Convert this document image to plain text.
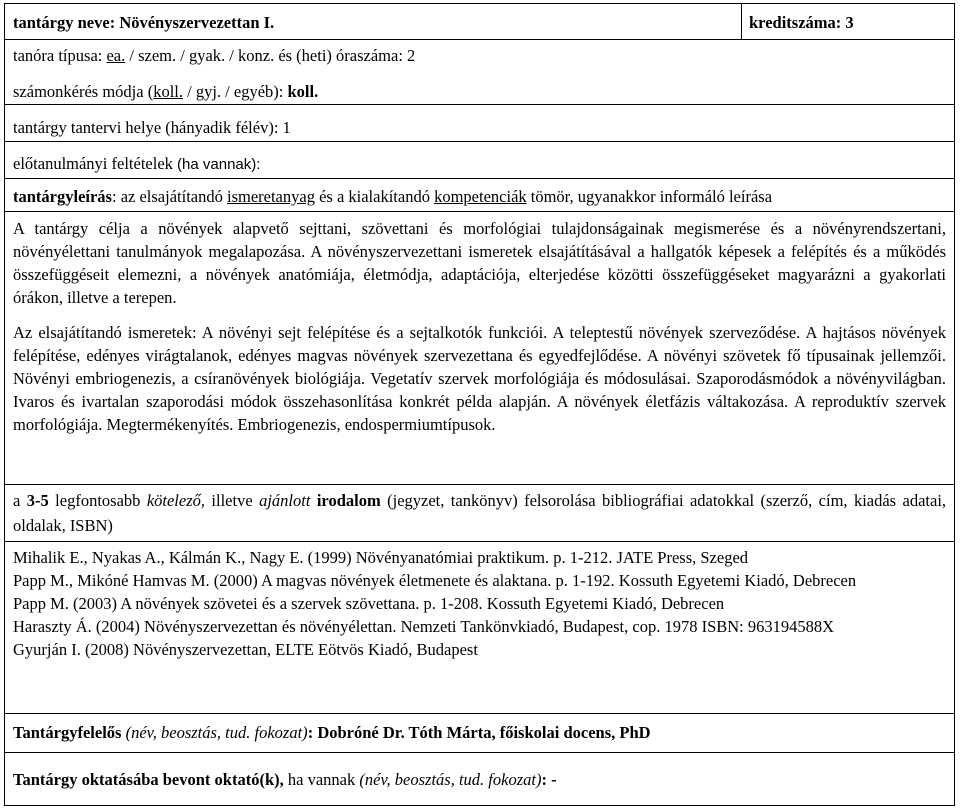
tantárgy neve: Növényszervezettan I.	kreditszáma: 3
tanóra típusa: ea. / szem. / gyak. / konz. és (heti) óraszáma: 2
számonkérés módja (koll. / gyj. / egyéb): koll.
tantárgy tantervi helye (hányadik félév): 1
előtanulmányi feltételek (ha vannak):
tantárgyleírás: az elsajátítandó ismeretanyag és a kialakítandó kompetenciák tömör, ugyanakkor informáló leírása

A tantárgy célja a növények alapvető sejttani, szövettani és morfológiai tulajdonságainak megismerése és a növényrendszertani, növényélettani tanulmányok megalapozása. A növényszervezettani ismeretek elsajátításával a hallgatók képesek a felépítés és a működés összefüggéseit elemezni, a növények anatómiája, életmódja, adaptációja, elterjedése közötti összefüggéseket magyarázni a gyakorlati órákon, illetve a terepen.

Az elsajátítandó ismeretek: A növényi sejt felépítése és a sejtalkotók funkciói. A teleptestű növények szerveződése. A hajtásos növények felépítése, edényes virágtalanok, edényes magvas növények szervezettana és egyedfejlődése. A növényi szövetek fő típusainak jellemzői. Növényi embriogenezis, a csíranövények biológiája. Vegetatív szervek morfológiája és módosulásai. Szaporodásmódok a növényvilágban. Ivaros és ivartalan szaporodási módok összehasonlítása konkrét példa alapján. A növények életfázis váltakozása. A reproduktív szervek morfológiája. Megtermékenyítés. Embriogenezis, endospermiumtípusok.

a 3-5 legfontosabb kötelező, illetve ajánlott irodalom (jegyzet, tankönyv) felsorolása bibliográfiai adatokkal (szerző, cím, kiadás adatai, oldalak, ISBN)

Mihalik E., Nyakas A., Kálmán K., Nagy E. (1999) Növényanatómiai praktikum. p. 1-212. JATE Press, Szeged

Papp M., Mikóné Hamvas M. (2000) A magvas növények életmenete és alaktana. p. 1-192. Kossuth Egyetemi Kiadó, Debrecen

Papp M. (2003) A növények szövetei és a szervek szövettana. p. 1-208. Kossuth Egyetemi Kiadó, Debrecen

Haraszty Á. (2004) Növényszervezettan és növényélettan. Nemzeti Tankönvkiadó, Budapest, cop. 1978 ISBN: 963194588X

Gyurján I. (2008) Növényszervezettan, ELTE Eötvös Kiadó, Budapest

Tantárgyfelelős (név, beosztás, tud. fokozat): Dobróné Dr. Tóth Márta, főiskolai docens, PhD
Tantárgy oktatásába bevont oktató(k), ha vannak (név, beosztás, tud. fokozat): -
